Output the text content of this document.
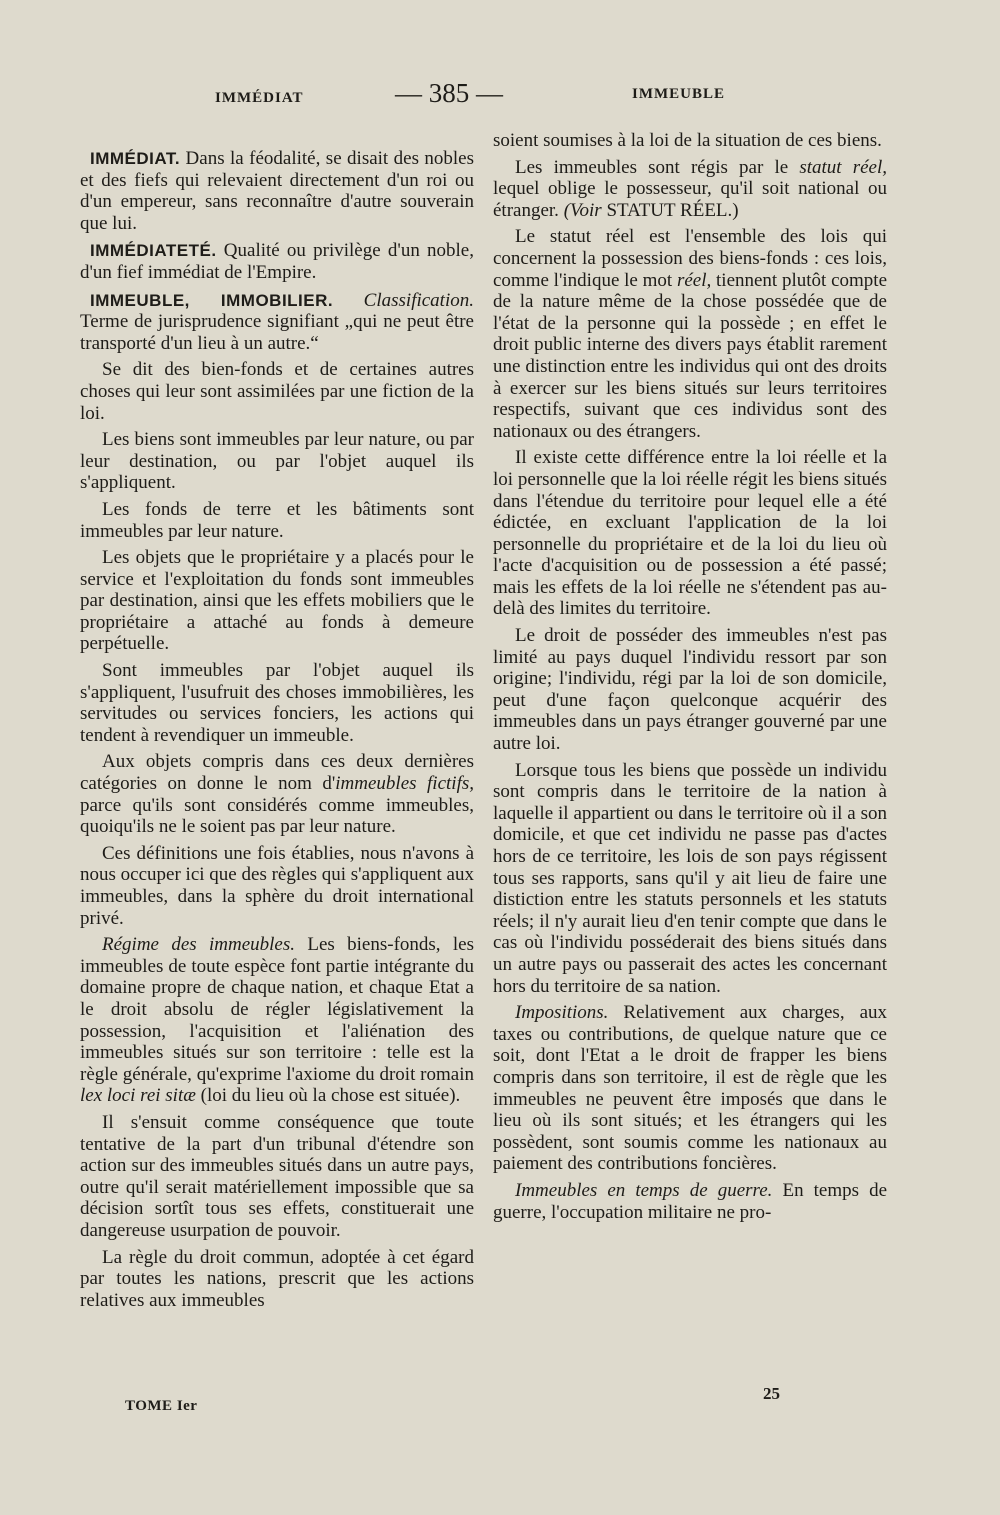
IMMÉDIAT	— 385 —	IMMEUBLE

IMMÉDIAT. Dans la féodalité, se disait des nobles et des fiefs qui relevaient directement d'un roi ou d'un empereur, sans reconnaître d'autre souverain que lui.

IMMÉDIATETÉ. Qualité ou privilège d'un noble, d'un fief immédiat de l'Empire.

IMMEUBLE, IMMOBILIER. Classification. Terme de jurisprudence signifiant „qui ne peut être transporté d'un lieu à un autre.“

Se dit des bien-fonds et de certaines autres choses qui leur sont assimilées par une fiction de la loi.

Les biens sont immeubles par leur nature, ou par leur destination, ou par l'objet auquel ils s'appliquent.

Les fonds de terre et les bâtiments sont immeubles par leur nature.

Les objets que le propriétaire y a placés pour le service et l'exploitation du fonds sont immeubles par destination, ainsi que les effets mobiliers que le propriétaire a attaché au fonds à demeure perpétuelle.

Sont immeubles par l'objet auquel ils s'appliquent, l'usufruit des choses immobilières, les servitudes ou services fonciers, les actions qui tendent à revendiquer un immeuble.

Aux objets compris dans ces deux dernières catégories on donne le nom d'immeubles fictifs, parce qu'ils sont considérés comme immeubles, quoiqu'ils ne le soient pas par leur nature.

Ces définitions une fois établies, nous n'avons à nous occuper ici que des règles qui s'appliquent aux immeubles, dans la sphère du droit international privé.

Régime des immeubles. Les biens-fonds, les immeubles de toute espèce font partie intégrante du domaine propre de chaque nation, et chaque Etat a le droit absolu de régler législativement la possession, l'acquisition et l'aliénation des immeubles situés sur son territoire : telle est la règle générale, qu'exprime l'axiome du droit romain lex loci rei sitæ (loi du lieu où la chose est située).

Il s'ensuit comme conséquence que toute tentative de la part d'un tribunal d'étendre son action sur des immeubles situés dans un autre pays, outre qu'il serait matériellement impossible que sa décision sortît tous ses effets, constituerait une dangereuse usurpation de pouvoir.

La règle du droit commun, adoptée à cet égard par toutes les nations, prescrit que les actions relatives aux immeubles

soient soumises à la loi de la situation de ces biens.

Les immeubles sont régis par le statut réel, lequel oblige le possesseur, qu'il soit national ou étranger. (Voir STATUT RÉEL.)

Le statut réel est l'ensemble des lois qui concernent la possession des biens-fonds : ces lois, comme l'indique le mot réel, tiennent plutôt compte de la nature même de la chose possédée que de l'état de la personne qui la possède ; en effet le droit public interne des divers pays établit rarement une distinction entre les individus qui ont des droits à exercer sur les biens situés sur leurs territoires respectifs, suivant que ces individus sont des nationaux ou des étrangers.

Il existe cette différence entre la loi réelle et la loi personnelle que la loi réelle régit les biens situés dans l'étendue du territoire pour lequel elle a été édictée, en excluant l'application de la loi personnelle du propriétaire et de la loi du lieu où l'acte d'acquisition ou de possession a été passé; mais les effets de la loi réelle ne s'étendent pas au-delà des limites du territoire.

Le droit de posséder des immeubles n'est pas limité au pays duquel l'individu ressort par son origine; l'individu, régi par la loi de son domicile, peut d'une façon quelconque acquérir des immeubles dans un pays étranger gouverné par une autre loi.

Lorsque tous les biens que possède un individu sont compris dans le territoire de la nation à laquelle il appartient ou dans le territoire où il a son domicile, et que cet individu ne passe pas d'actes hors de ce territoire, les lois de son pays régissent tous ses rapports, sans qu'il y ait lieu de faire une distiction entre les statuts personnels et les statuts réels; il n'y aurait lieu d'en tenir compte que dans le cas où l'individu posséderait des biens situés dans un autre pays ou passerait des actes les concernant hors du territoire de sa nation.

Impositions. Relativement aux charges, aux taxes ou contributions, de quelque nature que ce soit, dont l'Etat a le droit de frapper les biens compris dans son territoire, il est de règle que les immeubles ne peuvent être imposés que dans le lieu où ils sont situés; et les étrangers qui les possèdent, sont soumis comme les nationaux au paiement des contributions foncières.

Immeubles en temps de guerre. En temps de guerre, l'occupation militaire ne pro-

TOME Ier
25
